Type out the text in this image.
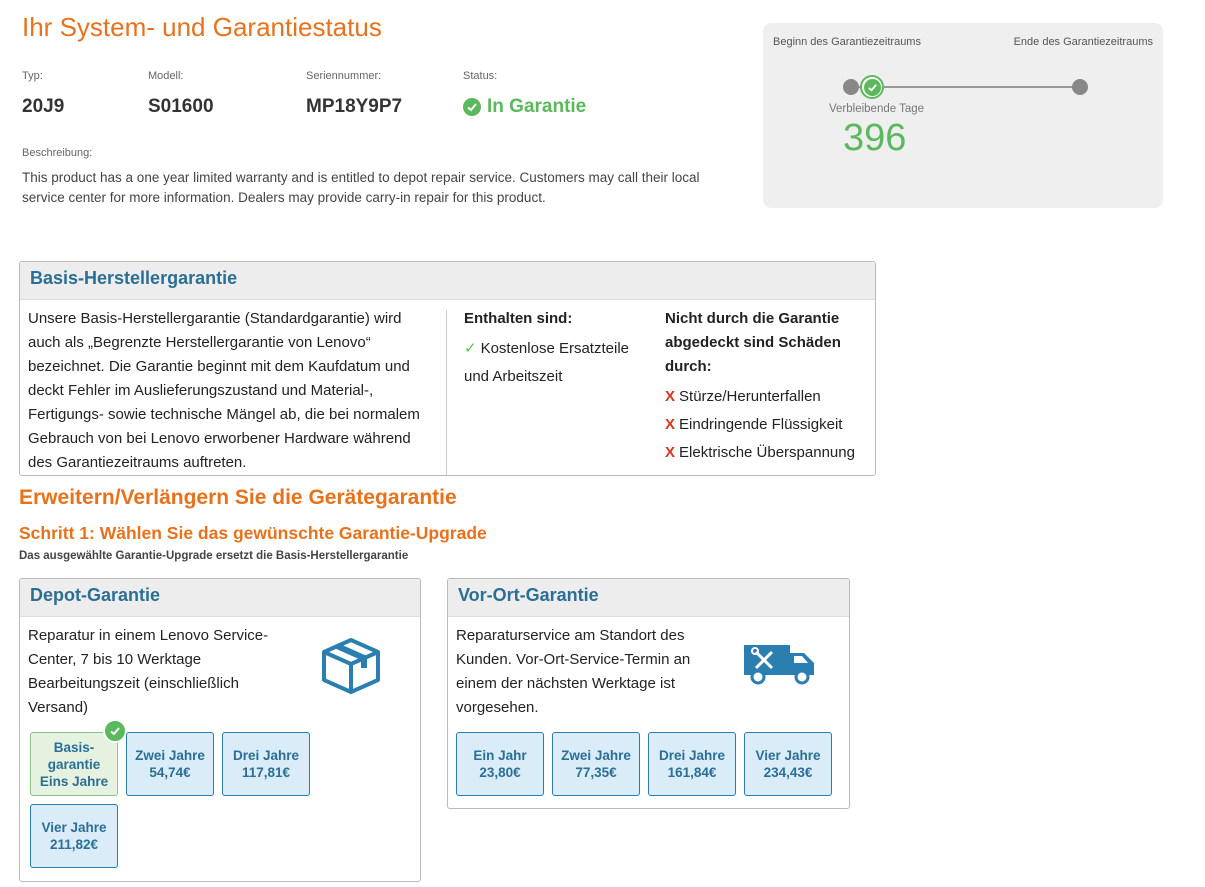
Ihr System- und Garantiestatus
Typ:
20J9
Modell:
S01600
Seriennummer:
MP18Y9P7
Status:
In Garantie
Beschreibung:
This product has a one year limited warranty and is entitled to depot repair service. Customers may call their local service center for more information. Dealers may provide carry-in repair for this product.
Beginn des Garantiezeitraums	Ende des Garantiezeitraums
Verbleibende Tage
396
Basis-Herstellergarantie
Unsere Basis-Herstellergarantie (Standardgarantie) wird auch als „Begrenzte Herstellergarantie von Lenovo“ bezeichnet. Die Garantie beginnt mit dem Kaufdatum und deckt Fehler im Auslieferungszustand und Material-, Fertigungs- sowie technische Mängel ab, die bei normalem Gebrauch von bei Lenovo erworbener Hardware während des Garantiezeitraums auftreten.
Enthalten sind:
✓ Kostenlose Ersatzteile und Arbeitszeit
Nicht durch die Garantie abgedeckt sind Schäden durch:
X Stürze/Herunterfallen
X Eindringende Flüssigkeit
X Elektrische Überspannung
Erweitern/Verlängern Sie die Gerätegarantie
Schritt 1: Wählen Sie das gewünschte Garantie-Upgrade
Das ausgewählte Garantie-Upgrade ersetzt die Basis-Herstellergarantie
Depot-Garantie
Reparatur in einem Lenovo Service-Center, 7 bis 10 Werktage Bearbeitungszeit (einschließlich Versand)
Basis-
garantie
Eins Jahre
Zwei Jahre
54,74€
Drei Jahre
117,81€
Vier Jahre
211,82€
Vor-Ort-Garantie
Reparaturservice am Standort des Kunden. Vor-Ort-Service-Termin an einem der nächsten Werktage ist vorgesehen.
Ein Jahr
23,80€
Zwei Jahre
77,35€
Drei Jahre
161,84€
Vier Jahre
234,43€
